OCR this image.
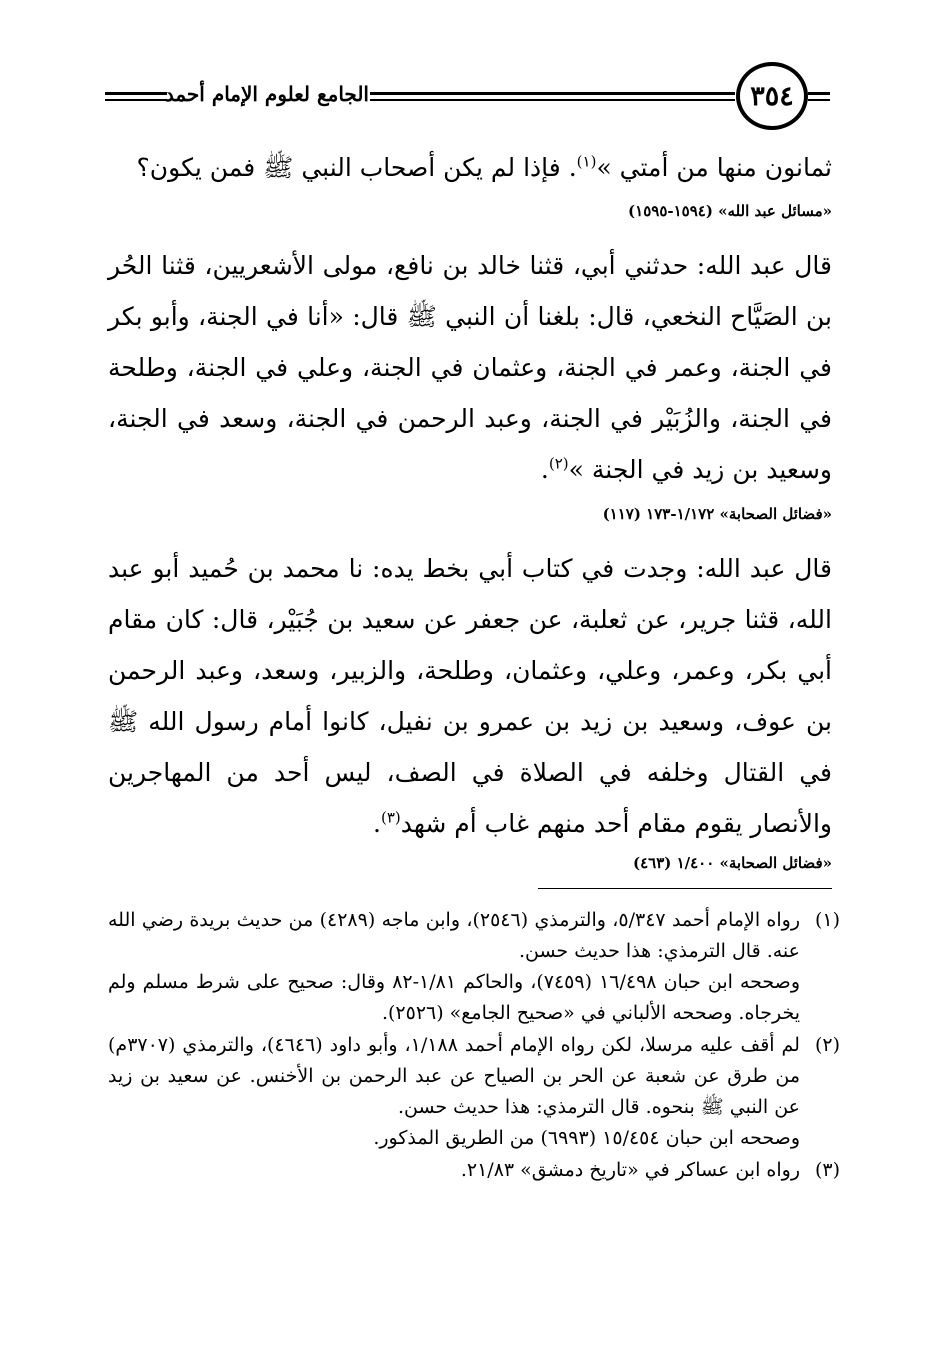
الجامع لعلوم الإمام أحمد	٣٥٤

ثمانون منها من أمتي »$^{(١)}$. فإذا لم يكن أصحاب النبي ﷺ فمن يكون؟

«مسائل عبد الله» (١٥٩٤-١٥٩٥)

قال عبد الله: حدثني أبي، قثنا خالد بن نافع، مولى الأشعريين، قثنا الحُر بن الصَيَّاح النخعي، قال: بلغنا أن النبي ﷺ قال: «أنا في الجنة، وأبو بكر في الجنة، وعمر في الجنة، وعثمان في الجنة، وعلي في الجنة، وطلحة في الجنة، والزُبَيْر في الجنة، وعبد الرحمن في الجنة، وسعد في الجنة، وسعيد بن زيد في الجنة »$^{(٢)}$.

«فضائل الصحابة» ١/١٧٢-١٧٣ (١١٧)

قال عبد الله: وجدت في كتاب أبي بخط يده: نا محمد بن حُميد أبو عبد الله، قثنا جرير، عن ثعلبة، عن جعفر عن سعيد بن جُبَيْر، قال: كان مقام أبي بكر، وعمر، وعلي، وعثمان، وطلحة، والزبير، وسعد، وعبد الرحمن بن عوف، وسعيد بن زيد بن عمرو بن نفيل، كانوا أمام رسول الله ﷺ في القتال وخلفه في الصلاة في الصف، ليس أحد من المهاجرين والأنصار يقوم مقام أحد منهم غاب أم شهد$^{(٣)}$.

«فضائل الصحابة» ١/٤٠٠ (٤٦٣)

(١)

رواه الإمام أحمد ٥/٣٤٧، والترمذي (٢٥٤٦)، وابن ماجه (٤٢٨٩) من حديث بريدة رضي الله عنه. قال الترمذي: هذا حديث حسن.

وصححه ابن حبان ١٦/٤٩٨ (٧٤٥٩)، والحاكم ١/٨١-٨٢ وقال: صحيح على شرط مسلم ولم يخرجاه. وصححه الألباني في «صحيح الجامع» (٢٥٢٦).

(٢)

لم أقف عليه مرسلا، لكن رواه الإمام أحمد ١/١٨٨، وأبو داود (٤٦٤٦)، والترمذي (٣٧٠٧م) من طرق عن شعبة عن الحر بن الصياح عن عبد الرحمن بن الأخنس. عن سعيد بن زيد عن النبي ﷺ بنحوه. قال الترمذي: هذا حديث حسن.

وصححه ابن حبان ١٥/٤٥٤ (٦٩٩٣) من الطريق المذكور.

(٣)

رواه ابن عساكر في «تاريخ دمشق» ٢١/٨٣.
